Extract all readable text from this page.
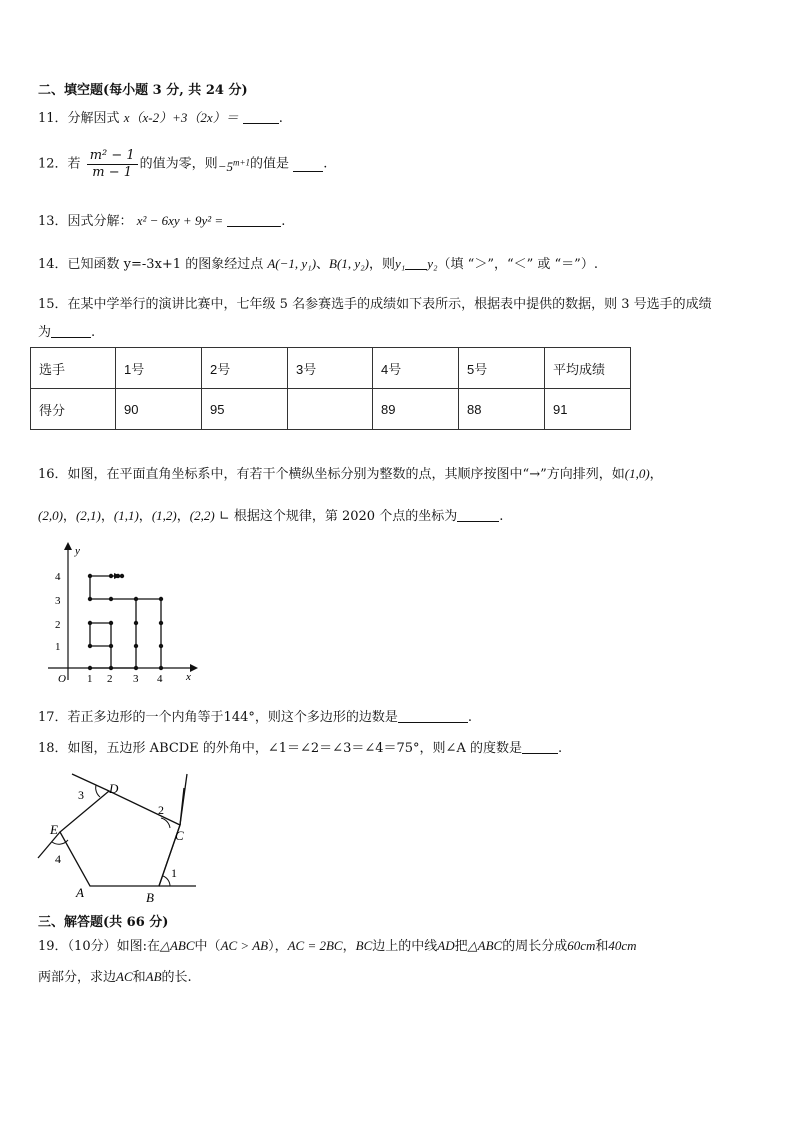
二、填空题(每小题 3 分, 共 24 分)
11．分解因式 x（x-2）+3（2x）＝	.
12．若 $\frac{\text{m² − 1}}{m - 1}$ 的值为零，则$-5^{m+1}$的值是	.
13．因式分解： x² − 6xy + 9y² =	.
14．已知函数 y=-3x+1 的图象经过点 A(−1, y₁)、B(1, y₂)，则y₁ y₂（填 “＞”，“＜” 或 “＝”）.
15．在某中学举行的演讲比赛中，七年级 5 名参赛选手的成绩如下表所示，根据表中提供的数据，则 3 号选手的成绩
为	.
选手	1号	2号	3号	4号	5号	平均成绩
得分	90	95		89	88	91
16．如图，在平面直角坐标系中，有若干个横纵坐标分别为整数的点，其顺序按图中“→”方向排列，如(1,0)，
(2,0)，(2,1)，(1,1)，(1,2)，(2,2) ∟ 根据这个规律，第 2020 个点的坐标为	.
y
x
O 1 2 3 4
1
2
3
4
17．若正多边形的一个内角等于144°，则这个多边形的边数是	.
18．如图，五边形 ABCDE 的外角中，∠1＝∠2＝∠3＝∠4＝75°，则∠A 的度数是	.
A	B
C
D
E
1
2
3
4
三、解答题(共 66 分)
19．（10分）如图:在△ABC中（AC > AB），AC = 2BC，BC边上的中线AD把△ABC的周长分成60cm和40cm
两部分，求边AC和AB的长.
